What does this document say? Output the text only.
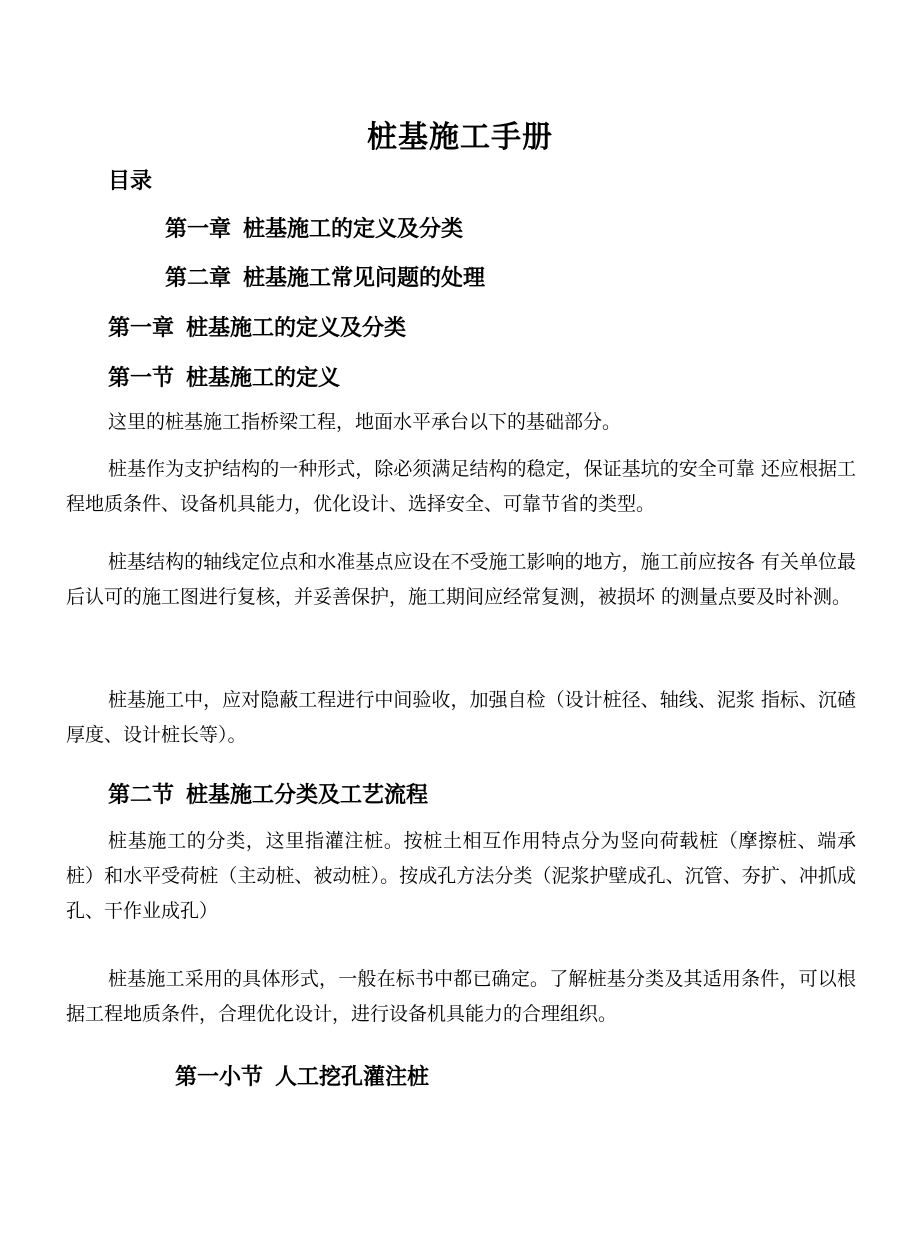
桩基施工手册
目录
第一章 桩基施工的定义及分类
第二章 桩基施工常见问题的处理
第一章 桩基施工的定义及分类
第一节 桩基施工的定义

这里的桩基施工指桥梁工程，地面水平承台以下的基础部分。

桩基作为支护结构的一种形式，除必须满足结构的稳定，保证基坑的安全可靠 还应根据工程地质条件、设备机具能力，优化设计、选择安全、可靠节省的类型。

桩基结构的轴线定位点和水准基点应设在不受施工影响的地方，施工前应按各 有关单位最后认可的施工图进行复核，并妥善保护，施工期间应经常复测，被损坏 的测量点要及时补测。

桩基施工中，应对隐蔽工程进行中间验收，加强自检（设计桩径、轴线、泥浆 指标、沉碴厚度、设计桩长等）。

第二节 桩基施工分类及工艺流程

桩基施工的分类，这里指灌注桩。按桩土相互作用特点分为竖向荷载桩（摩擦桩、端承桩）和水平受荷桩（主动桩、被动桩）。按成孔方法分类（泥浆护壁成孔、沉管、夯扩、冲抓成孔、干作业成孔）

桩基施工采用的具体形式，一般在标书中都已确定。了解桩基分类及其适用条件，可以根据工程地质条件，合理优化设计，进行设备机具能力的合理组织。

第一小节 人工挖孔灌注桩
